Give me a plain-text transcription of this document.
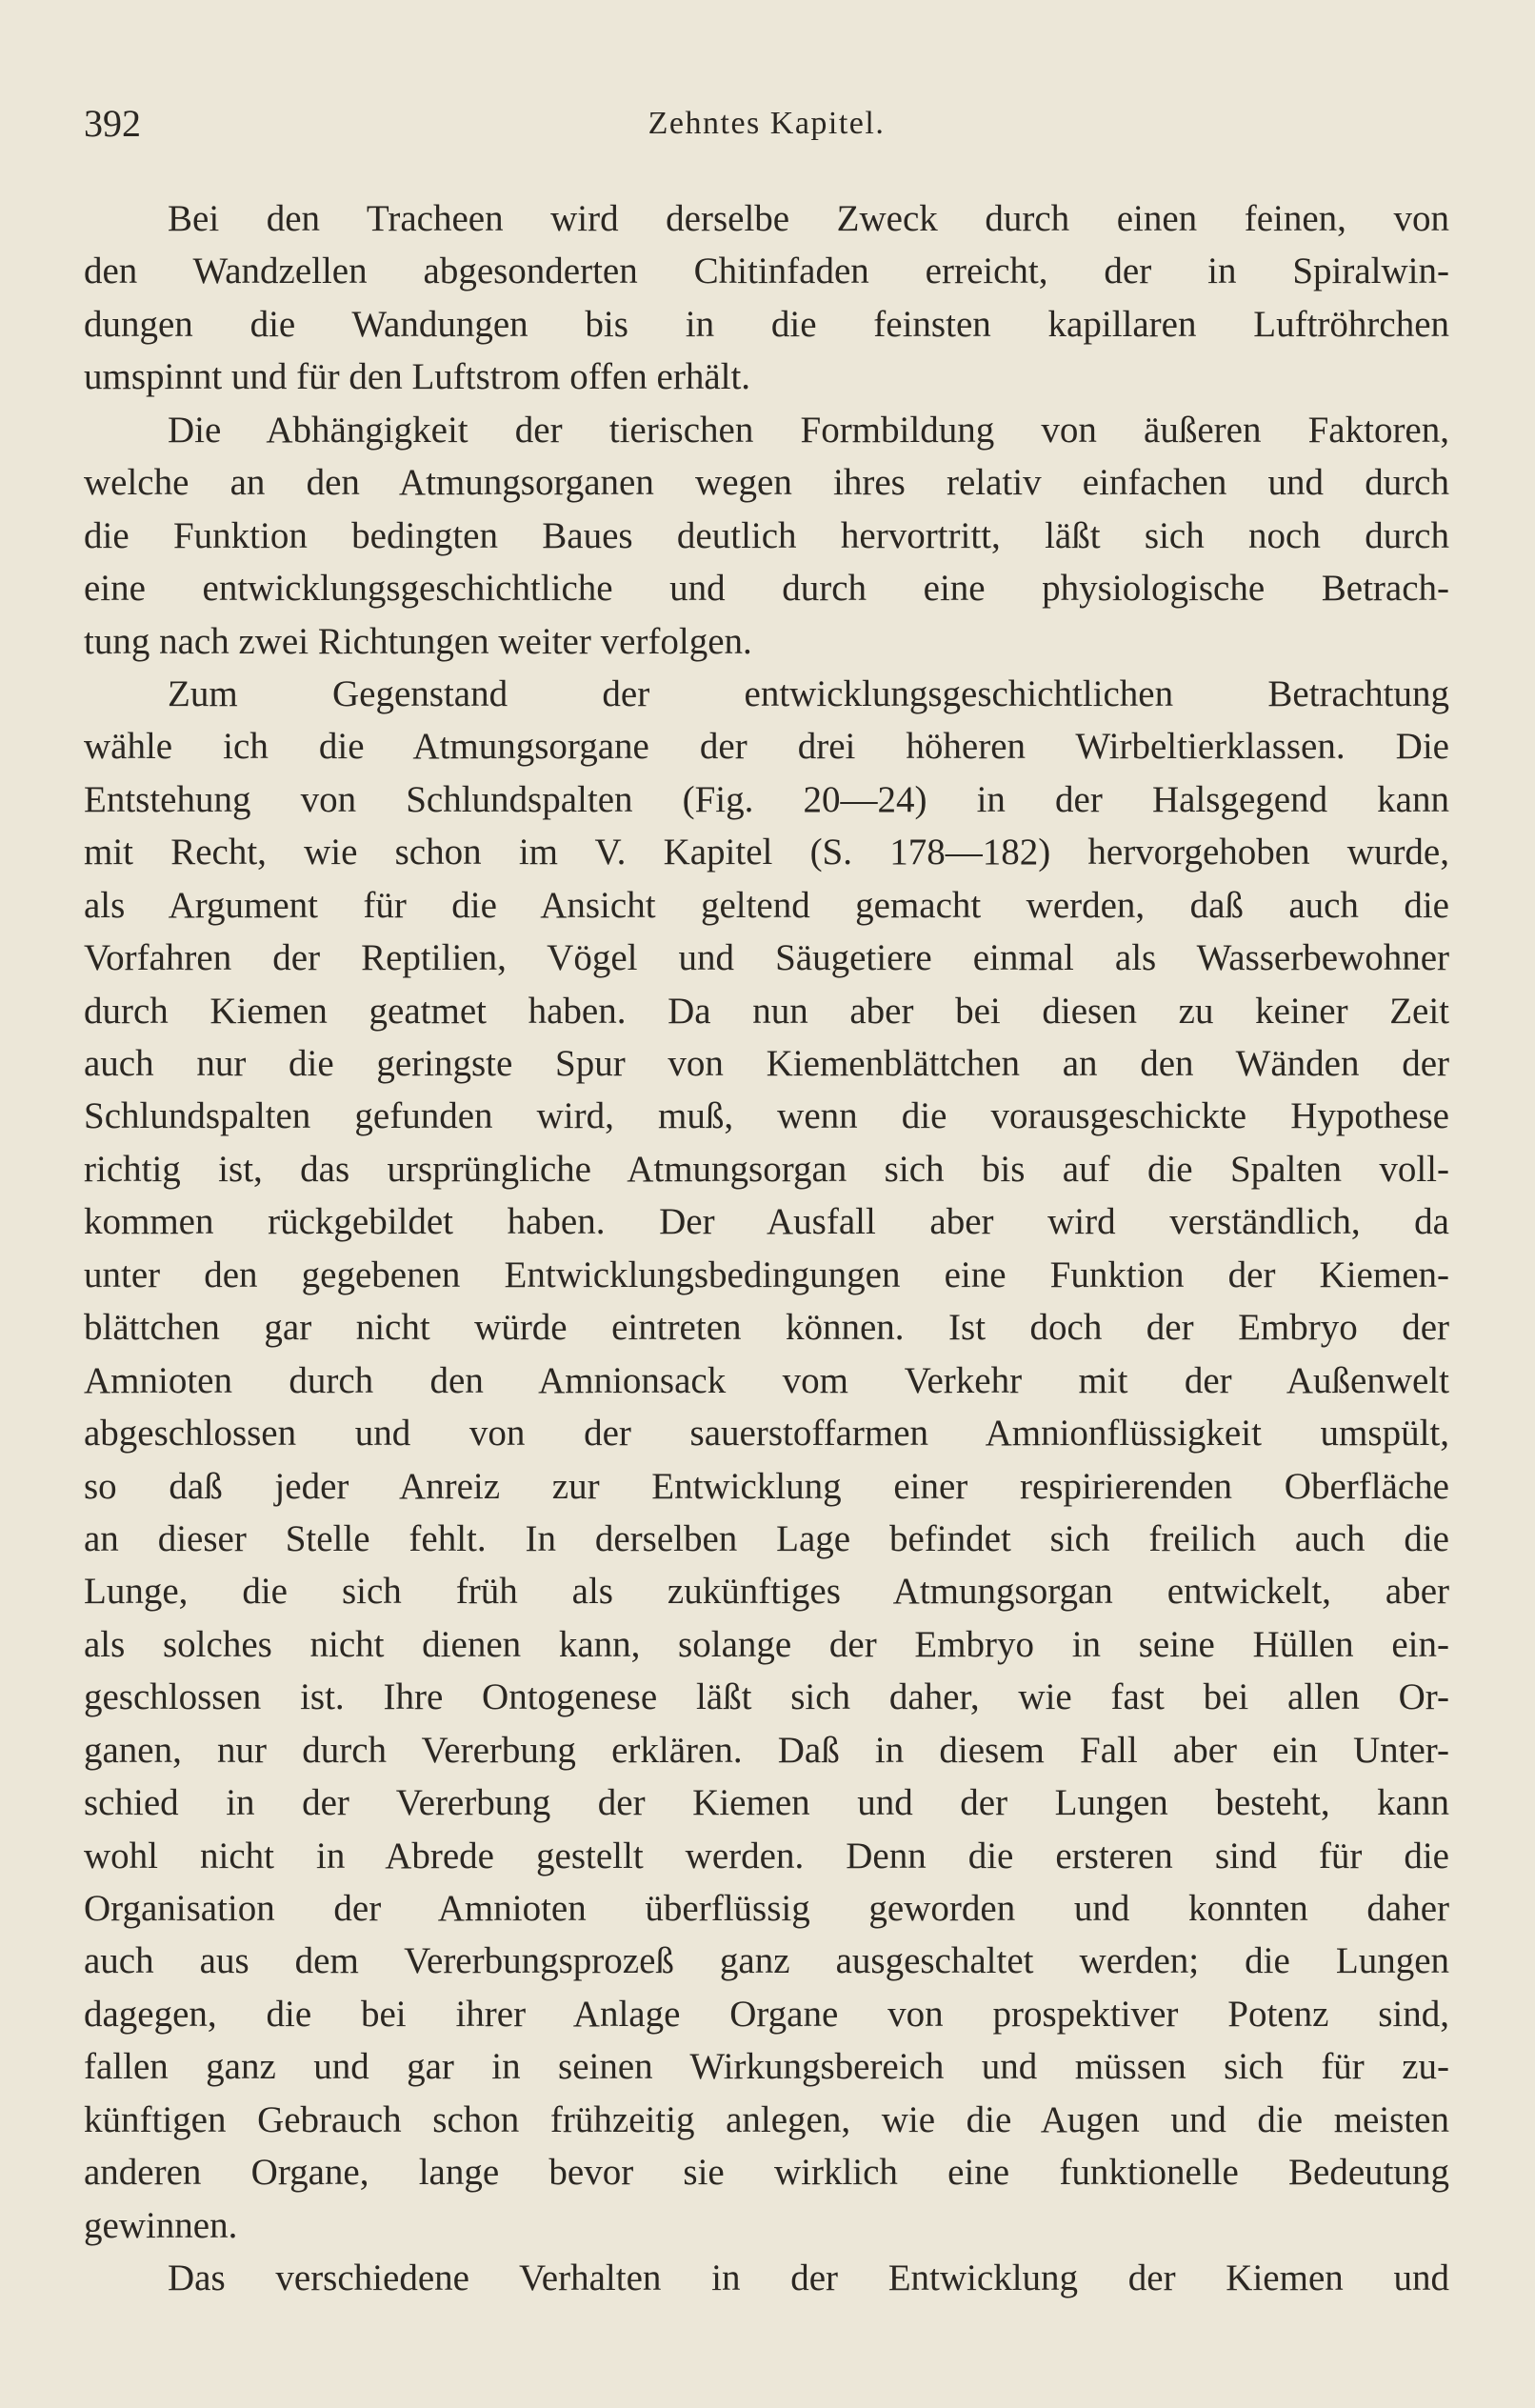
392	Zehntes Kapitel.
Bei den Tracheen wird derselbe Zweck durch einen feinen, von
den Wandzellen abgesonderten Chitinfaden erreicht, der in Spiralwin-
dungen die Wandungen bis in die feinsten kapillaren Luftröhrchen
umspinnt und für den Luftstrom offen erhält.
Die Abhängigkeit der tierischen Formbildung von äußeren Faktoren,
welche an den Atmungsorganen wegen ihres relativ einfachen und durch
die Funktion bedingten Baues deutlich hervortritt, läßt sich noch durch
eine entwicklungsgeschichtliche und durch eine physiologische Betrach-
tung nach zwei Richtungen weiter verfolgen.
Zum Gegenstand der entwicklungsgeschichtlichen Betrachtung
wähle ich die Atmungsorgane der drei höheren Wirbeltierklassen. Die
Entstehung von Schlundspalten (Fig. 20—24) in der Halsgegend kann
mit Recht, wie schon im V. Kapitel (S. 178—182) hervorgehoben wurde,
als Argument für die Ansicht geltend gemacht werden, daß auch die
Vorfahren der Reptilien, Vögel und Säugetiere einmal als Wasserbewohner
durch Kiemen geatmet haben. Da nun aber bei diesen zu keiner Zeit
auch nur die geringste Spur von Kiemenblättchen an den Wänden der
Schlundspalten gefunden wird, muß, wenn die vorausgeschickte Hypothese
richtig ist, das ursprüngliche Atmungsorgan sich bis auf die Spalten voll-
kommen rückgebildet haben. Der Ausfall aber wird verständlich, da
unter den gegebenen Entwicklungsbedingungen eine Funktion der Kiemen-
blättchen gar nicht würde eintreten können. Ist doch der Embryo der
Amnioten durch den Amnionsack vom Verkehr mit der Außenwelt
abgeschlossen und von der sauerstoffarmen Amnionflüssigkeit umspült,
so daß jeder Anreiz zur Entwicklung einer respirierenden Oberfläche
an dieser Stelle fehlt. In derselben Lage befindet sich freilich auch die
Lunge, die sich früh als zukünftiges Atmungsorgan entwickelt, aber
als solches nicht dienen kann, solange der Embryo in seine Hüllen ein-
geschlossen ist. Ihre Ontogenese läßt sich daher, wie fast bei allen Or-
ganen, nur durch Vererbung erklären. Daß in diesem Fall aber ein Unter-
schied in der Vererbung der Kiemen und der Lungen besteht, kann
wohl nicht in Abrede gestellt werden. Denn die ersteren sind für die
Organisation der Amnioten überflüssig geworden und konnten daher
auch aus dem Vererbungsprozeß ganz ausgeschaltet werden; die Lungen
dagegen, die bei ihrer Anlage Organe von prospektiver Potenz sind,
fallen ganz und gar in seinen Wirkungsbereich und müssen sich für zu-
künftigen Gebrauch schon frühzeitig anlegen, wie die Augen und die meisten
anderen Organe, lange bevor sie wirklich eine funktionelle Bedeutung
gewinnen.
Das verschiedene Verhalten in der Entwicklung der Kiemen und
